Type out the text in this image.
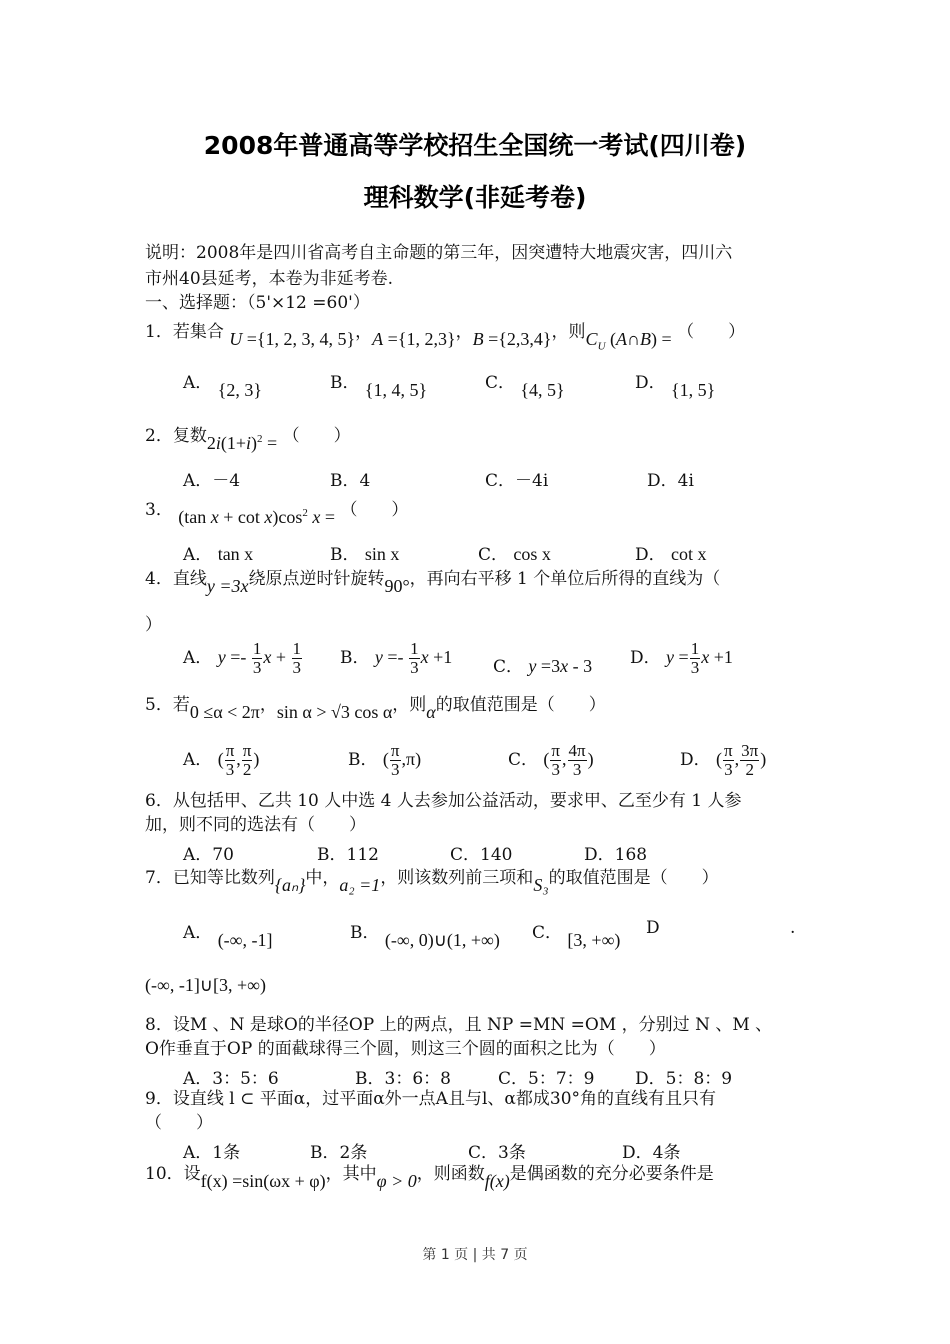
2008年普通高等学校招生全国统一考试(四川卷)
理科数学(非延考卷)
说明：2008年是四川省高考自主命题的第三年，因突遭特大地震灾害，四川六
市州40县延考，本卷为非延考卷.
一、选择题：（5'×12 =60'）
1．若集合 U ={1, 2, 3, 4, 5}，A ={1, 2,3}，B ={2,3,4}，则$C_U$ (A∩B) = （　　）
A． {2, 3}	B． {1, 4, 5}	C． {4, 5}	D． {1, 5}
2．复数$2i(1+i)^2$ = （　　）
A．－4	B．4	C．－4i	D．4i
3． (tan $x + \cot x)\cos^2$ x = （　　）
A． tan x	B． sin x	C． cos x	D． cot x
4．直线y =3x绕原点逆时针旋转90°，再向右平移 1 个单位后所得的直线为（
）
A． $y =- \frac{1}{3}$ $x + \frac{1}{3}$ B． $y =- \frac{1}{3}$ x +1 C． y =3x - 3 D． $y = \frac{1}{3}$ x +1
5．若0 ≤α < 2π，sin α > √3 cos α，则α的取值范围是（　　）
A． ( $\frac{\pi}{3}$ , $\frac{\pi}{2}$ )	B． ( $\frac{\pi}{3} ,\pi$)	C． ( $\frac{\pi}{3}$ , $\frac{4\pi}{3}$ )	D． ( $\frac{\pi}{3}$ , $\frac{3\pi}{2}$ )
6．从包括甲、乙共 10 人中选 4 人去参加公益活动，要求甲、乙至少有 1 人参
加，则不同的选法有（　　）
A．70	B．112	C．140	D．168
7．已知等比数列{aₙ}中，a₂ =1，则该数列前三项和S₃的取值范围是（　　）
A． (-∞, -1]	B． (-∞, 0)∪(1, +∞) C． [3, +∞)
D	.
(-∞, -1]∪[3, +∞)
8．设M 、N 是球O的半径OP 上的两点，且 NP =MN =OM ，分别过 N 、M 、
O作垂直于OP 的面截球得三个圆，则这三个圆的面积之比为（　　）
A．3：5：6	B．3：6：8	C．5：7：9 D．5：8：9
9．设直线 l ⊂ 平面α，过平面α外一点A且与l、α都成30°角的直线有且只有
（　　）
A．1条	B．2条	C．3条	D．4条
10．设f(x) =sin(ωx + φ)，其中φ > 0，则函数f(x)是偶函数的充分必要条件是
第 1 页 | 共 7 页
